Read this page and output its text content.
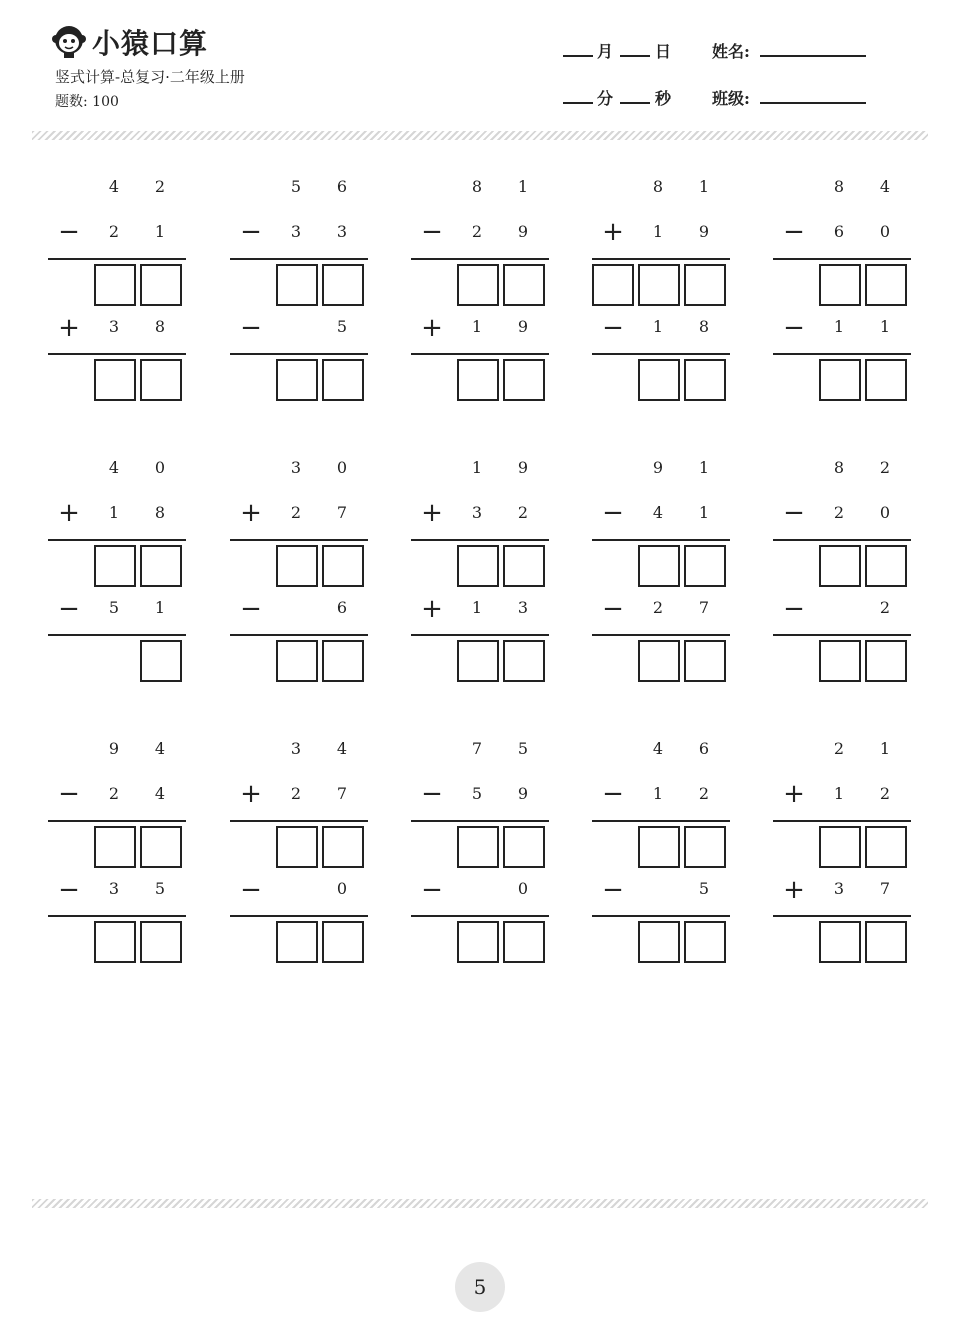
小猿口算
竖式计算-总复习·二年级上册
题数: 100
月	日	姓名:
分	秒	班级:
4	2
−	2	1
+	3	8
5	6
−	3	3
−	5
8	1
−	2	9
+	1	9
8	1
+	1	9
−	1	8
8	4
−	6	0
−	1	1
4	0
+	1	8
−	5	1
3	0
+	2	7
−	6
1	9
+	3	2
+	1	3
9	1
−	4	1
−	2	7
8	2
−	2	0
−	2
9	4
−	2	4
−	3	5
3	4
+	2	7
−	0
7	5
−	5	9
−	0
4	6
−	1	2
−	5
2	1
+	1	2
+	3	7
5
